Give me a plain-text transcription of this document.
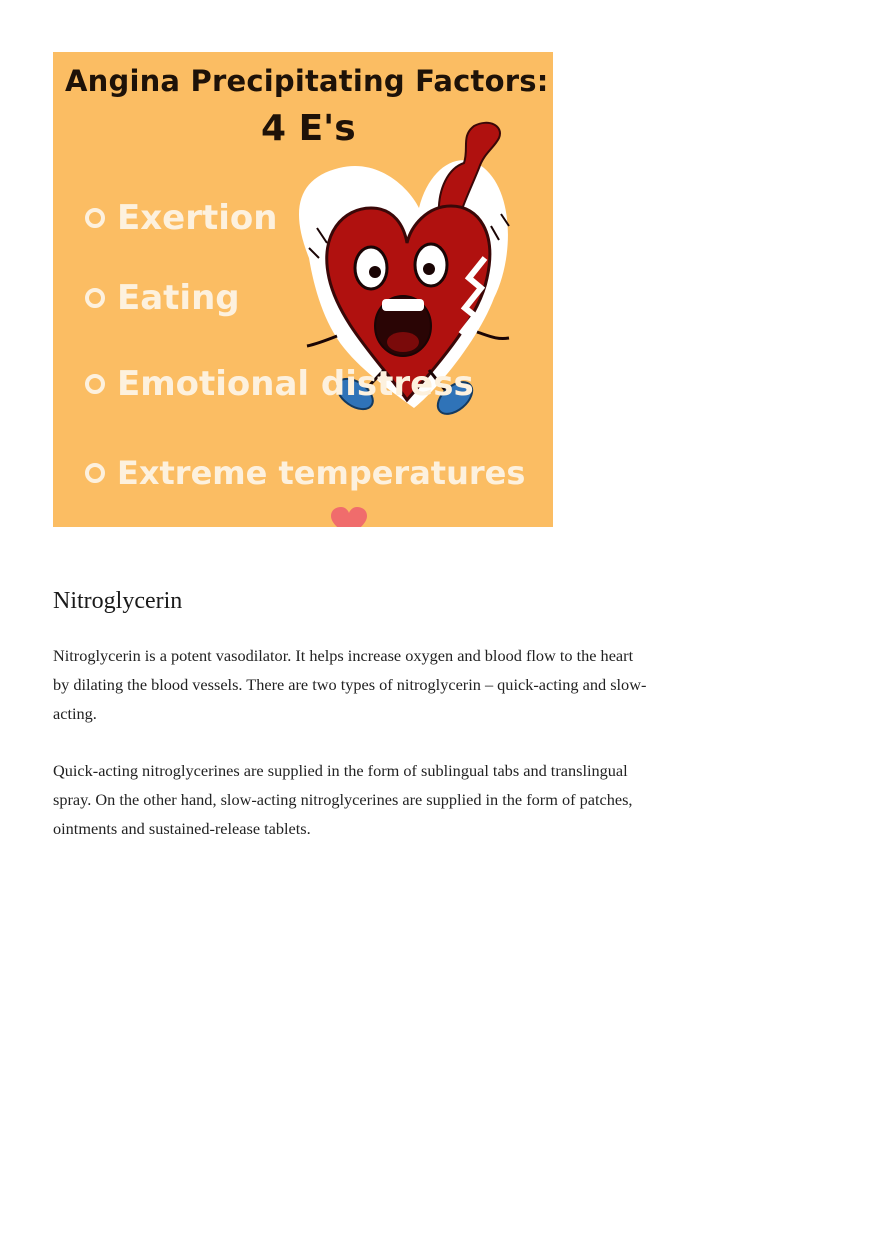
Angina Precipitating Factors:

4 E's

Exertion
Eating
Emotional distress
Extreme temperatures
Nitroglycerin

Nitroglycerin is a potent vasodilator. It helps increase oxygen and blood flow to the heart by dilating the blood vessels. There are two types of nitroglycerin – quick-acting and slow-acting.

Quick-acting nitroglycerines are supplied in the form of sublingual tabs and translingual spray. On the other hand, slow-acting nitroglycerines are supplied in the form of patches, ointments and sustained-release tablets.
